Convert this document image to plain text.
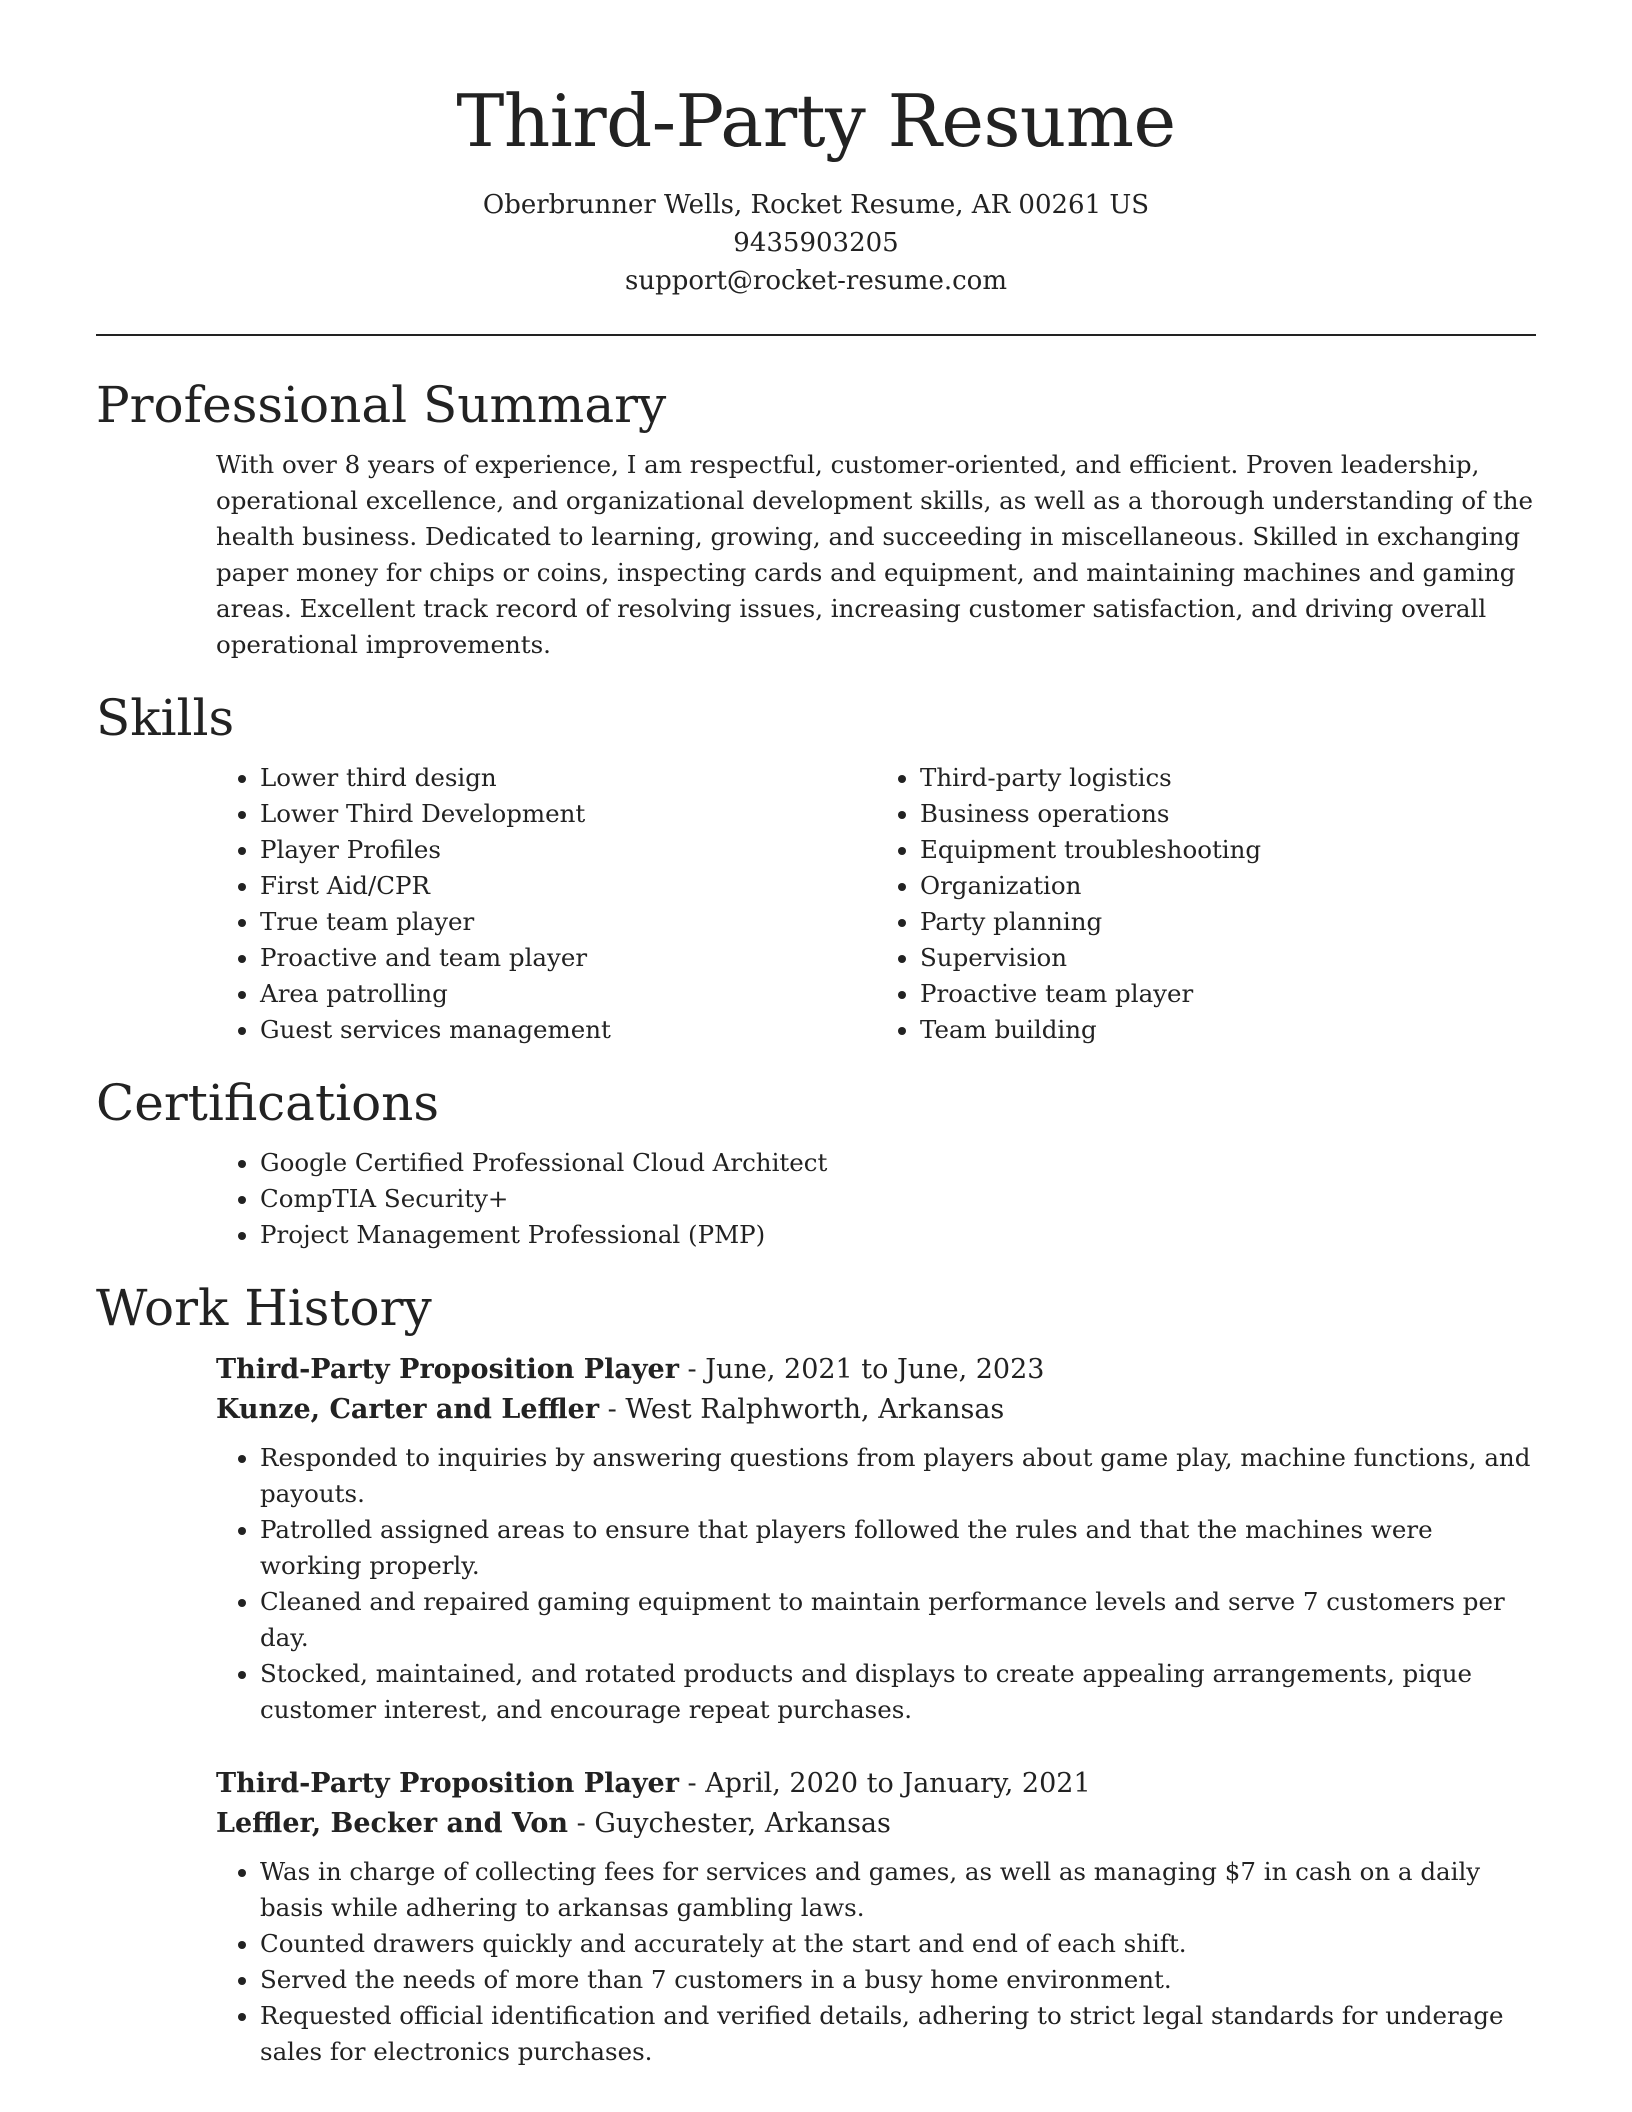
Third-Party Resume
Oberbrunner Wells, Rocket Resume, AR 00261 US
9435903205
support@rocket-resume.com
Professional Summary

With over 8 years of experience, I am respectful, customer-oriented, and efficient. Proven leadership, operational excellence, and organizational development skills, as well as a thorough understanding of the health business. Dedicated to learning, growing, and succeeding in miscellaneous. Skilled in exchanging paper money for chips or coins, inspecting cards and equipment, and maintaining machines and gaming areas. Excellent track record of resolving issues, increasing customer satisfaction, and driving overall operational improvements.

Skills
• Lower third design
• Lower Third Development
• Player Profiles
• First Aid/CPR
• True team player
• Proactive and team player
• Area patrolling
• Guest services management
• Third-party logistics
• Business operations
• Equipment troubleshooting
• Organization
• Party planning
• Supervision
• Proactive team player
• Team building
Certifications
• Google Certified Professional Cloud Architect
• CompTIA Security+
• Project Management Professional (PMP)
Work History
Third-Party Proposition Player - June, 2021 to June, 2023
Kunze, Carter and Leffler - West Ralphworth, Arkansas
• Responded to inquiries by answering questions from players about game play, machine functions, and payouts.
• Patrolled assigned areas to ensure that players followed the rules and that the machines were working properly.
• Cleaned and repaired gaming equipment to maintain performance levels and serve 7 customers per day.
• Stocked, maintained, and rotated products and displays to create appealing arrangements, pique customer interest, and encourage repeat purchases.
Third-Party Proposition Player - April, 2020 to January, 2021
Leffler, Becker and Von - Guychester, Arkansas
• Was in charge of collecting fees for services and games, as well as managing $7 in cash on a daily basis while adhering to arkansas gambling laws.
• Counted drawers quickly and accurately at the start and end of each shift.
• Served the needs of more than 7 customers in a busy home environment.
• Requested official identification and verified details, adhering to strict legal standards for underage sales for electronics purchases.
